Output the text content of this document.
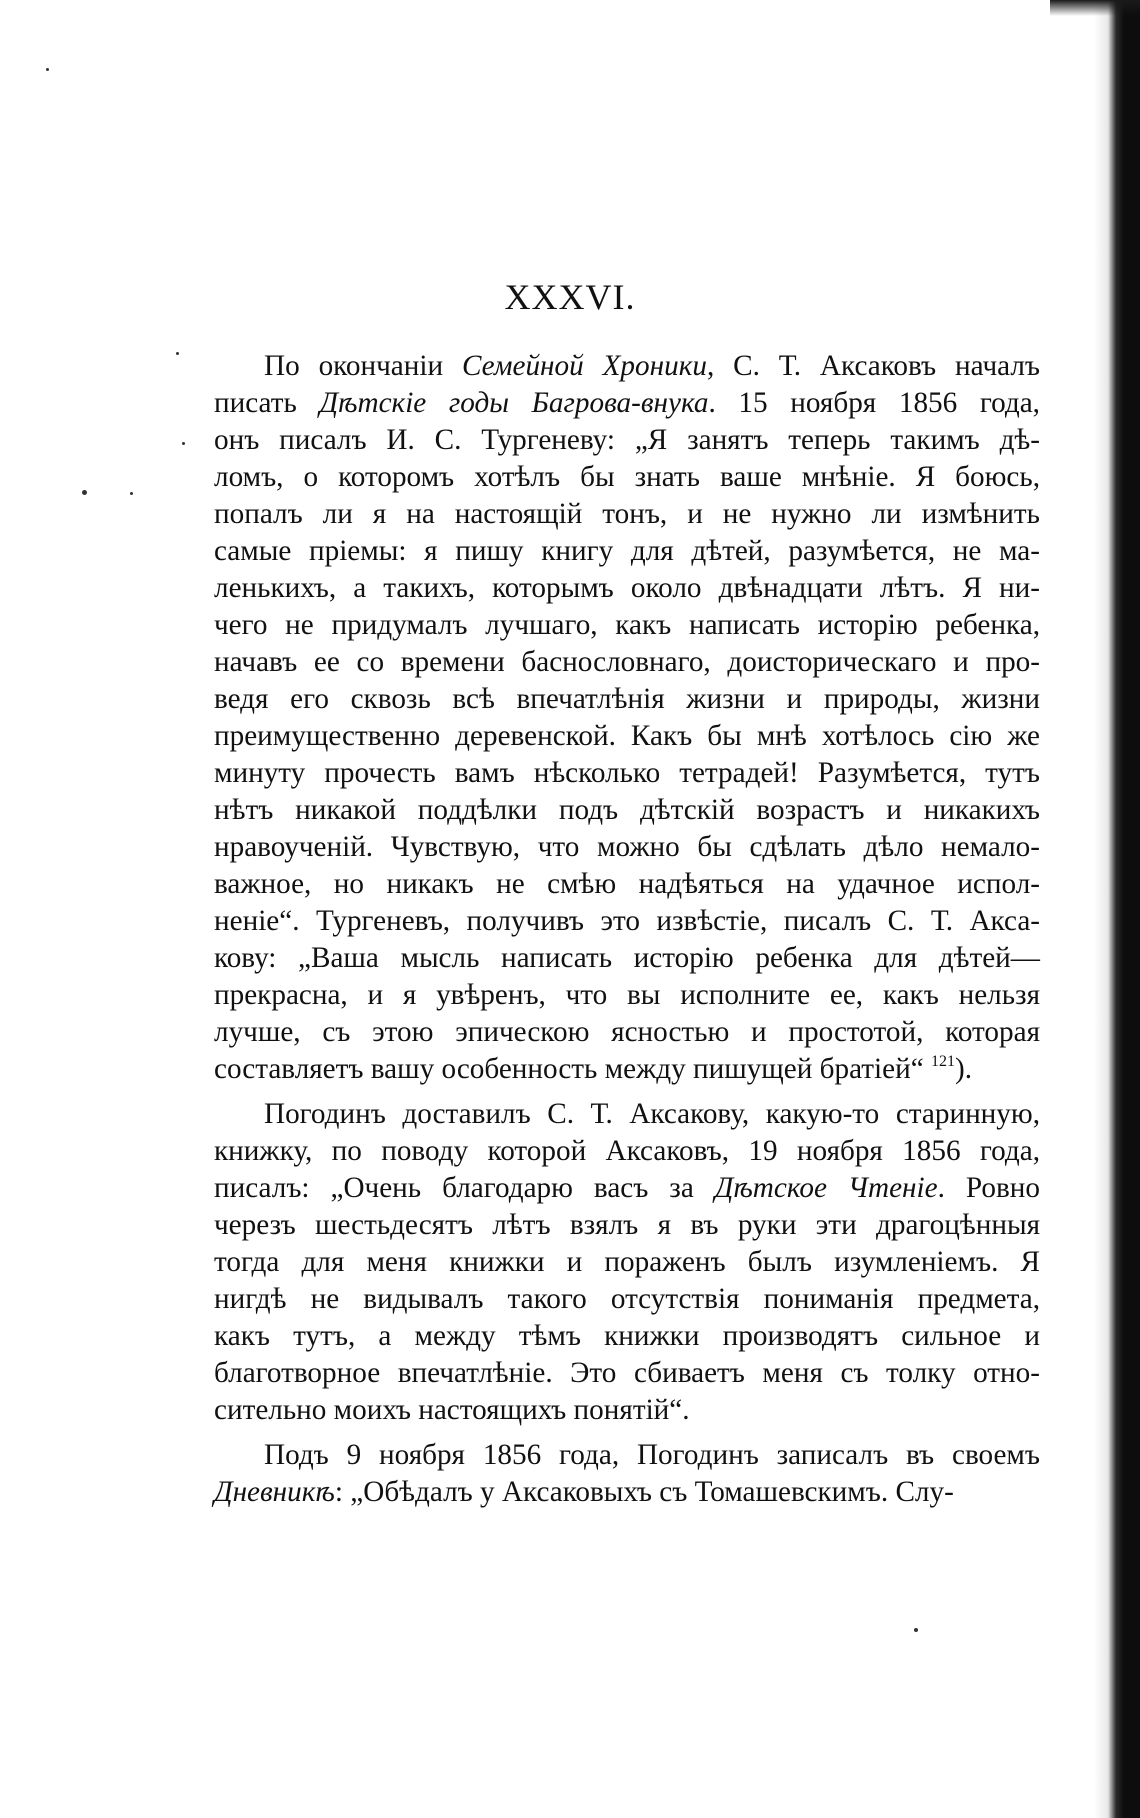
XXXVI.
По окончаніи Семейной Хроники, С. Т. Аксаковъ началъ
писать Дѣтскіе годы Багрова-внука. 15 ноября 1856 года,
онъ писалъ И. С. Тургеневу: „Я занятъ теперь такимъ дѣ-
ломъ, о которомъ хотѣлъ бы знать ваше мнѣніе. Я боюсь,
попалъ ли я на настоящій тонъ, и не нужно ли измѣнить
самые пріемы: я пишу книгу для дѣтей, разумѣется, не ма-
ленькихъ, а такихъ, которымъ около двѣнадцати лѣтъ. Я ни-
чего не придумалъ лучшаго, какъ написать исторію ребенка,
начавъ ее со времени баснословнаго, доисторическаго и про-
ведя его сквозь всѣ впечатлѣнія жизни и природы, жизни
преимущественно деревенской. Какъ бы мнѣ хотѣлось сію же
минуту прочесть вамъ нѣсколько тетрадей! Разумѣется, тутъ
нѣтъ никакой поддѣлки подъ дѣтскій возрастъ и никакихъ
нравоученій. Чувствую, что можно бы сдѣлать дѣло немало-
важное, но никакъ не смѣю надѣяться на удачное испол-
неніе“. Тургеневъ, получивъ это извѣстіе, писалъ С. Т. Акса-
кову: „Ваша мысль написать исторію ребенка для дѣтей—
прекрасна, и я увѣренъ, что вы исполните ее, какъ нельзя
лучше, съ этою эпическою ясностью и простотой, которая
составляетъ вашу особенность между пишущей братіей“ $^{121}$).
Погодинъ доставилъ С. Т. Аксакову, какую-то старинную,
книжку, по поводу которой Аксаковъ, 19 ноября 1856 года,
писалъ: „Очень благодарю васъ за Дѣтское Чтеніе. Ровно
черезъ шестьдесятъ лѣтъ взялъ я въ руки эти драгоцѣнныя
тогда для меня книжки и пораженъ былъ изумленіемъ. Я
нигдѣ не видывалъ такого отсутствія пониманія предмета,
какъ тутъ, а между тѣмъ книжки производятъ сильное и
благотворное впечатлѣніе. Это сбиваетъ меня съ толку отно-
сительно моихъ настоящихъ понятій“.
Подъ 9 ноября 1856 года, Погодинъ записалъ въ своемъ
Дневникѣ: „Обѣдалъ у Аксаковыхъ съ Томашевскимъ. Слу-
